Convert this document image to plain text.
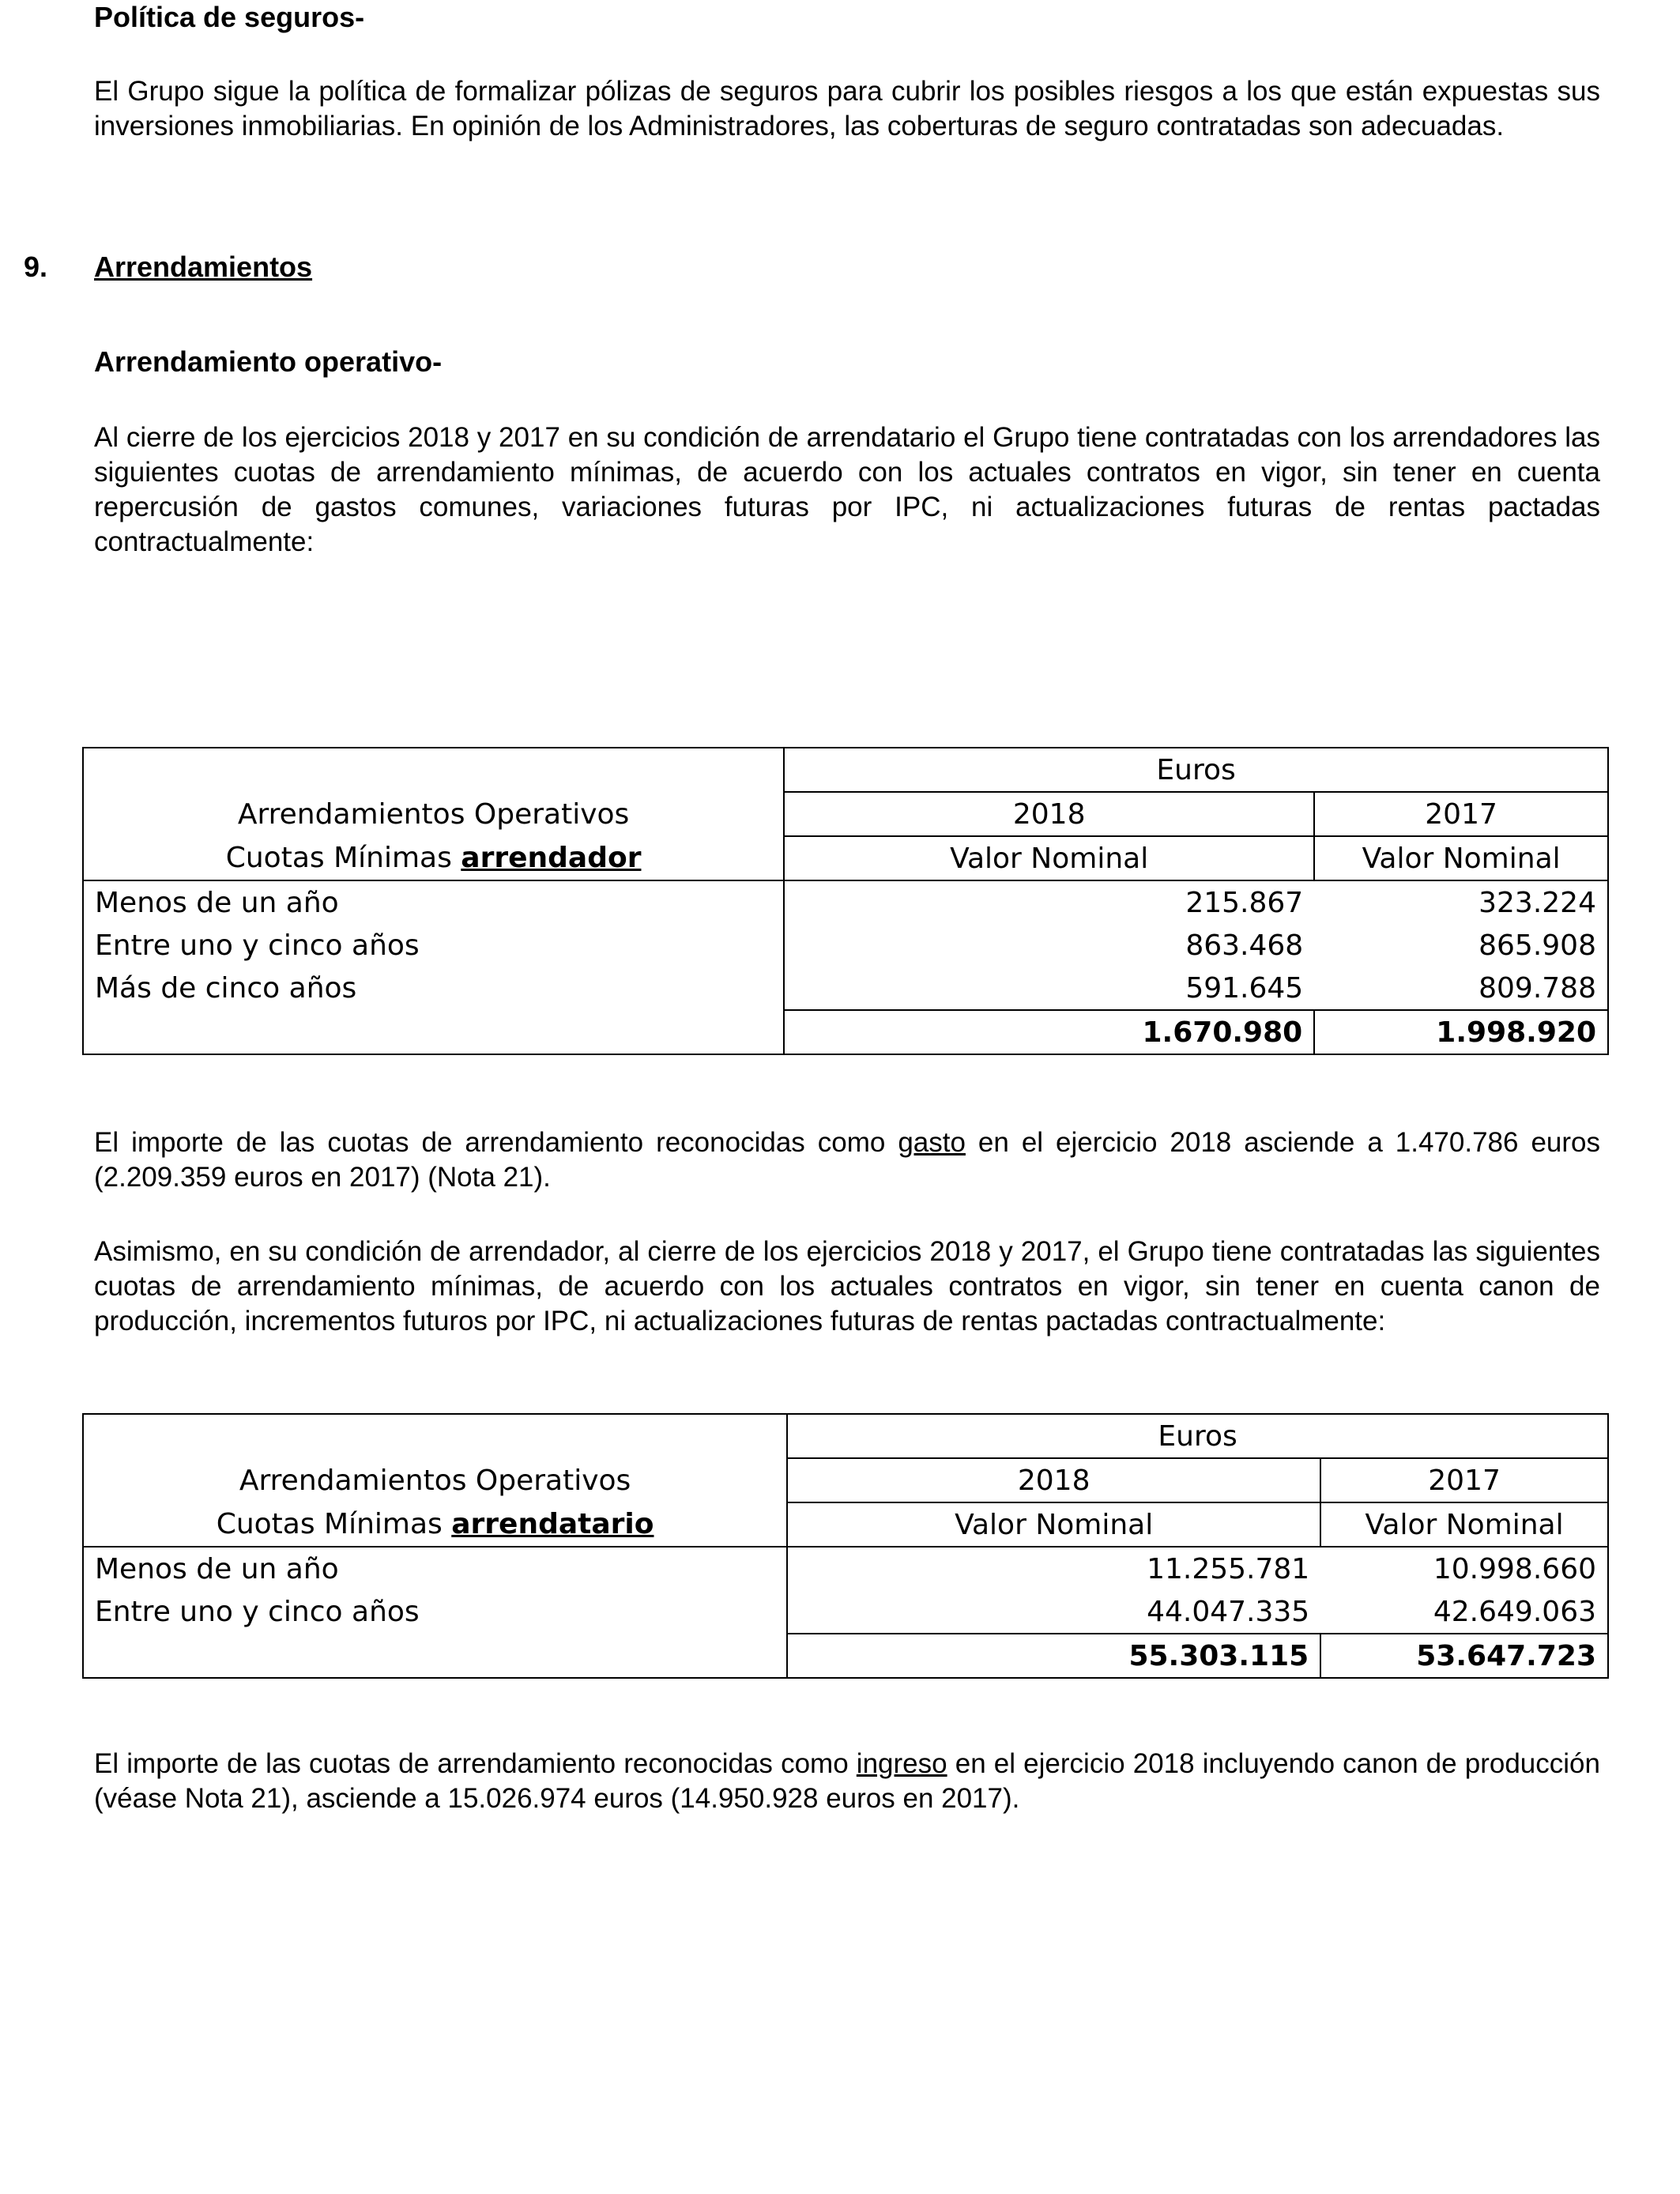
Política de seguros-
El Grupo sigue la política de formalizar pólizas de seguros para cubrir los posibles riesgos a los que están expuestas sus inversiones inmobiliarias. En opinión de los Administradores, las coberturas de seguro contratadas son adecuadas.
9. Arrendamientos
Arrendamiento operativo-
Al cierre de los ejercicios 2018 y 2017 en su condición de arrendatario el Grupo tiene contratadas con los arrendadores las siguientes cuotas de arrendamiento mínimas, de acuerdo con los actuales contratos en vigor, sin tener en cuenta repercusión de gastos comunes, variaciones futuras por IPC, ni actualizaciones futuras de rentas pactadas contractualmente:
	Euros	
Arrendamientos Operativos	2018	2017
Cuotas Mínimas arrendador	Valor Nominal	Valor Nominal
Menos de un año	215.867	323.224
Entre uno y cinco años	863.468	865.908
Más de cinco años	591.645	809.788
	1.670.980	1.998.920
El importe de las cuotas de arrendamiento reconocidas como gasto en el ejercicio 2018 asciende a 1.470.786 euros (2.209.359 euros en 2017) (Nota 21).
Asimismo, en su condición de arrendador, al cierre de los ejercicios 2018 y 2017, el Grupo tiene contratadas las siguientes cuotas de arrendamiento mínimas, de acuerdo con los actuales contratos en vigor, sin tener en cuenta canon de producción, incrementos futuros por IPC, ni actualizaciones futuras de rentas pactadas contractualmente:
	Euros	
Arrendamientos Operativos	2018	2017
Cuotas Mínimas arrendatario	Valor Nominal	Valor Nominal
Menos de un año	11.255.781	10.998.660
Entre uno y cinco años	44.047.335	42.649.063
	55.303.115	53.647.723
El importe de las cuotas de arrendamiento reconocidas como ingreso en el ejercicio 2018 incluyendo canon de producción (véase Nota 21), asciende a 15.026.974 euros (14.950.928 euros en 2017).
